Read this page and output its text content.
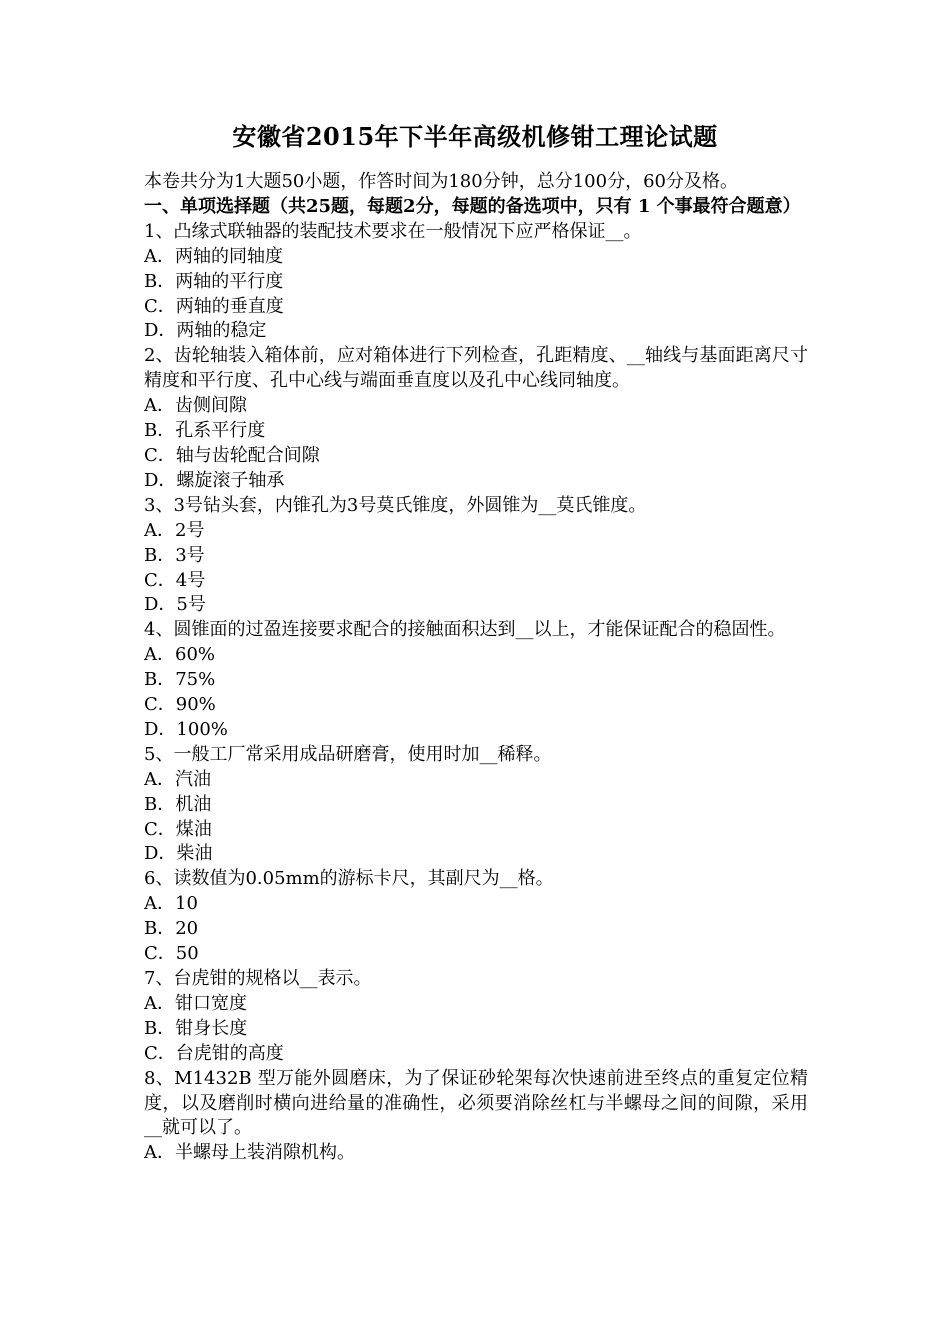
安徽省2015年下半年高级机修钳工理论试题
本卷共分为1大题50小题，作答时间为180分钟，总分100分，60分及格。
一、单项选择题（共25题，每题2分，每题的备选项中，只有 1 个事最符合题意）
1、凸缘式联轴器的装配技术要求在一般情况下应严格保证__。
A．两轴的同轴度
B．两轴的平行度
C．两轴的垂直度
D．两轴的稳定
2、齿轮轴装入箱体前，应对箱体进行下列检查，孔距精度、__轴线与基面距离尺寸精度和平行度、孔中心线与端面垂直度以及孔中心线同轴度。
A．齿侧间隙
B．孔系平行度
C．轴与齿轮配合间隙
D．螺旋滚子轴承
3、3号钻头套，内锥孔为3号莫氏锥度，外圆锥为__莫氏锥度。
A．2号
B．3号
C．4号
D．5号
4、圆锥面的过盈连接要求配合的接触面积达到__以上，才能保证配合的稳固性。
A．60%
B．75%
C．90%
D．100%
5、一般工厂常采用成品研磨膏，使用时加__稀释。
A．汽油
B．机油
C．煤油
D．柴油
6、读数值为0.05mm的游标卡尺，其副尺为__格。
A．10
B．20
C．50
7、台虎钳的规格以__表示。
A．钳口宽度
B．钳身长度
C．台虎钳的高度
8、M1432B 型万能外圆磨床，为了保证砂轮架每次快速前进至终点的重复定位精度，以及磨削时横向进给量的准确性，必须要消除丝杠与半螺母之间的间隙，采用__就可以了。
A．半螺母上装消隙机构。
